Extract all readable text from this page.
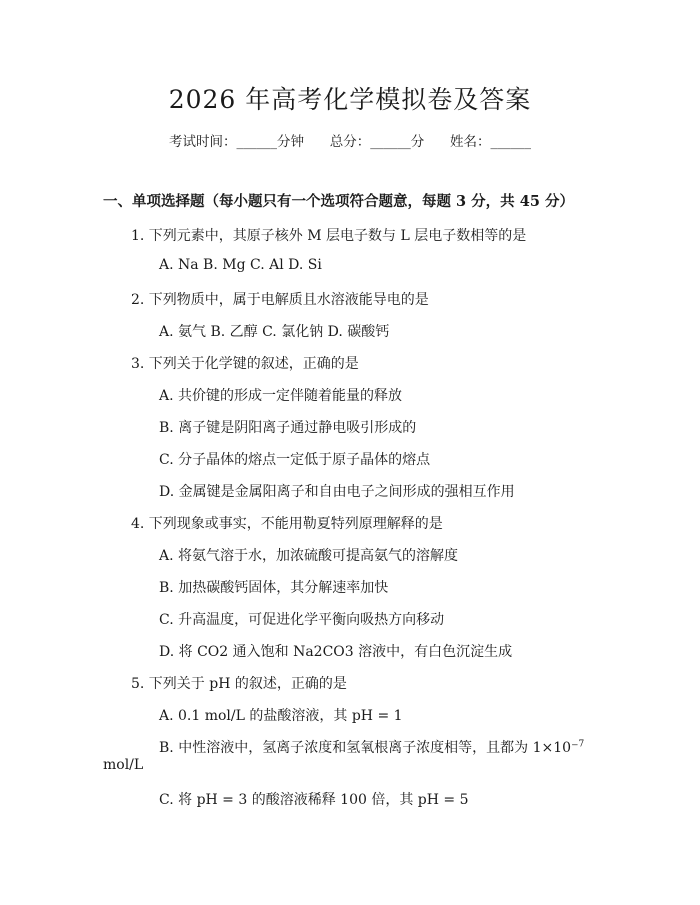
2026 年高考化学模拟卷及答案
考试时间：______分钟      总分：______分      姓名：______
一、单项选择题（每小题只有一个选项符合题意，每题 3 分，共 45 分）
1. 下列元素中，其原子核外 M 层电子数与 L 层电子数相等的是
A. Na B. Mg C. Al D. Si
2. 下列物质中，属于电解质且水溶液能导电的是
A. 氨气 B. 乙醇 C. 氯化钠 D. 碳酸钙
3. 下列关于化学键的叙述，正确的是
A. 共价键的形成一定伴随着能量的释放
B. 离子键是阴阳离子通过静电吸引形成的
C. 分子晶体的熔点一定低于原子晶体的熔点
D. 金属键是金属阳离子和自由电子之间形成的强相互作用
4. 下列现象或事实，不能用勒夏特列原理解释的是
A. 将氨气溶于水，加浓硫酸可提高氨气的溶解度
B. 加热碳酸钙固体，其分解速率加快
C. 升高温度，可促进化学平衡向吸热方向移动
D. 将 CO2 通入饱和 Na2CO3 溶液中，有白色沉淀生成
5. 下列关于 pH 的叙述，正确的是
A. 0.1 mol/L 的盐酸溶液，其 pH = 1
B. 中性溶液中，氢离子浓度和氢氧根离子浓度相等，且都为 1×10⁻$^7$
mol/L
C. 将 pH = 3 的酸溶液稀释 100 倍，其 pH = 5
